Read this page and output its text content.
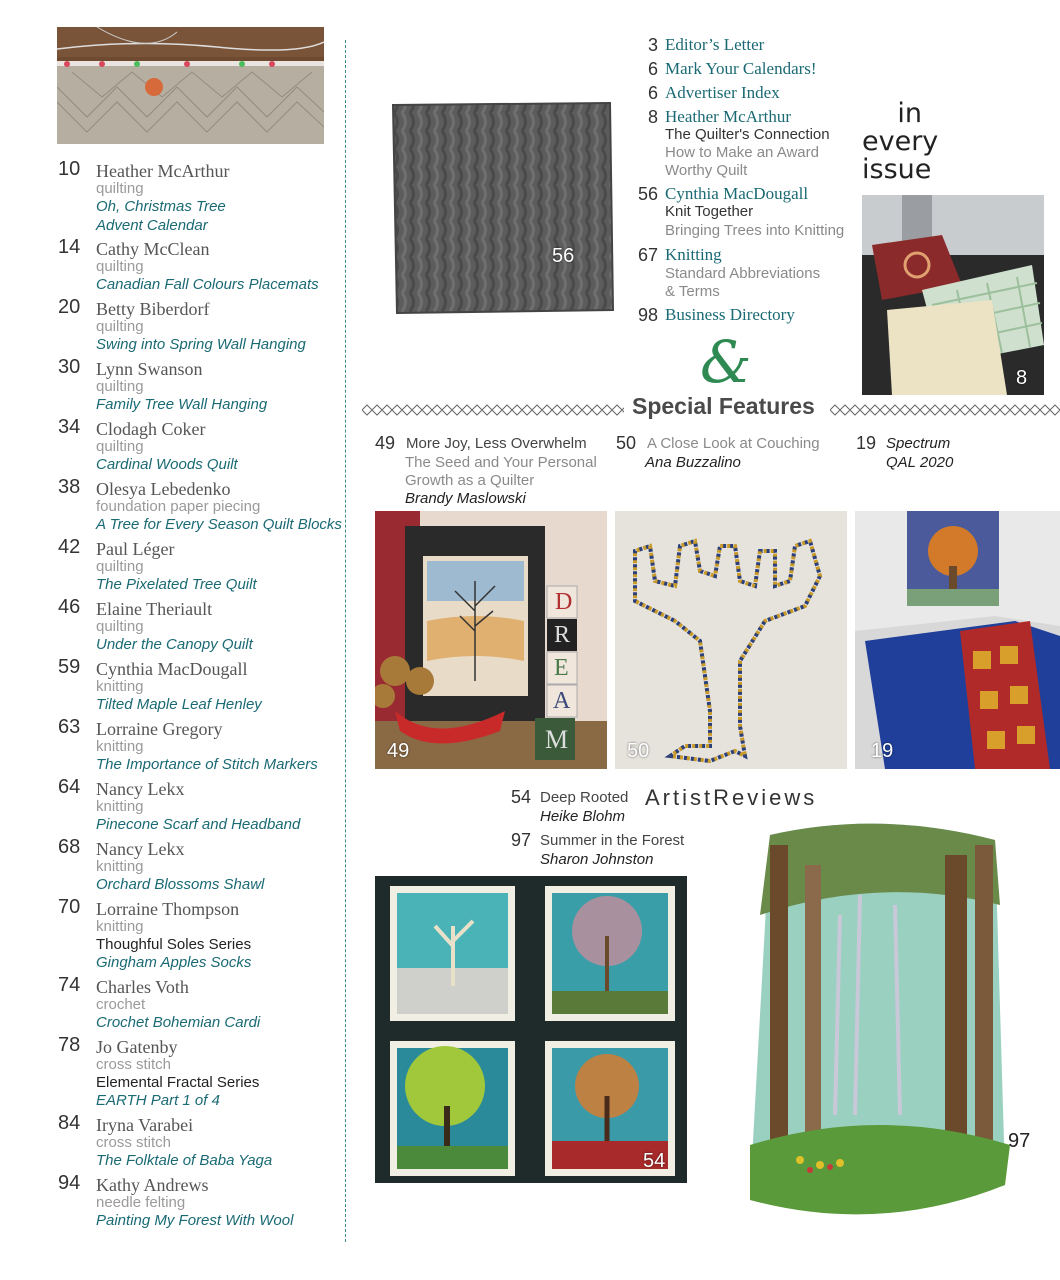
10 Heather McArthur
quilting
Oh, Christmas Tree
Advent Calendar
14 Cathy McClean
quilting
Canadian Fall Colours Placemats
20 Betty Biberdorf
quilting
Swing into Spring Wall Hanging
30 Lynn Swanson
quilting
Family Tree Wall Hanging
34 Clodagh Coker
quilting
Cardinal Woods Quilt
38 Olesya Lebedenko
foundation paper piecing
A Tree for Every Season Quilt Blocks
42 Paul Léger
quilting
The Pixelated Tree Quilt
46 Elaine Theriault
quilting
Under the Canopy Quilt
59 Cynthia MacDougall
knitting
Tilted Maple Leaf Henley
63 Lorraine Gregory
knitting
The Importance of Stitch Markers
64 Nancy Lekx
knitting
Pinecone Scarf and Headband
68 Nancy Lekx
knitting
Orchard Blossoms Shawl
70 Lorraine Thompson
knitting
Thoughful Soles Series
Gingham Apples Socks
74 Charles Voth
crochet
Crochet Bohemian Cardi
78 Jo Gatenby
cross stitch
Elemental Fractal Series
EARTH Part 1 of 4
84 Iryna Varabei
cross stitch
The Folktale of Baba Yaga
94 Kathy Andrews
needle felting
Painting My Forest With Wool
56
3 Editor’s Letter
6 Mark Your Calendars!
6 Advertiser Index
8 Heather McArthur
The Quilter's Connection
How to Make an Award
Worthy Quilt
56 Cynthia MacDougall
Knit Together
Bringing Trees into Knitting
67 Knitting
Standard Abbreviations
& Terms
98 Business Directory
in
every
issue
8
&
Special Features
49 More Joy, Less Overwhelm
The Seed and Your Personal
Growth as a Quilter
Brandy Maslowski
50 A Close Look at Couching
Ana Buzzalino
19 Spectrum
QAL 2020
D
R
E
A
M
49	50	19
54 Deep Rooted
Heike Blohm
ArtistReviews
97 Summer in the Forest
Sharon Johnston
54
97
